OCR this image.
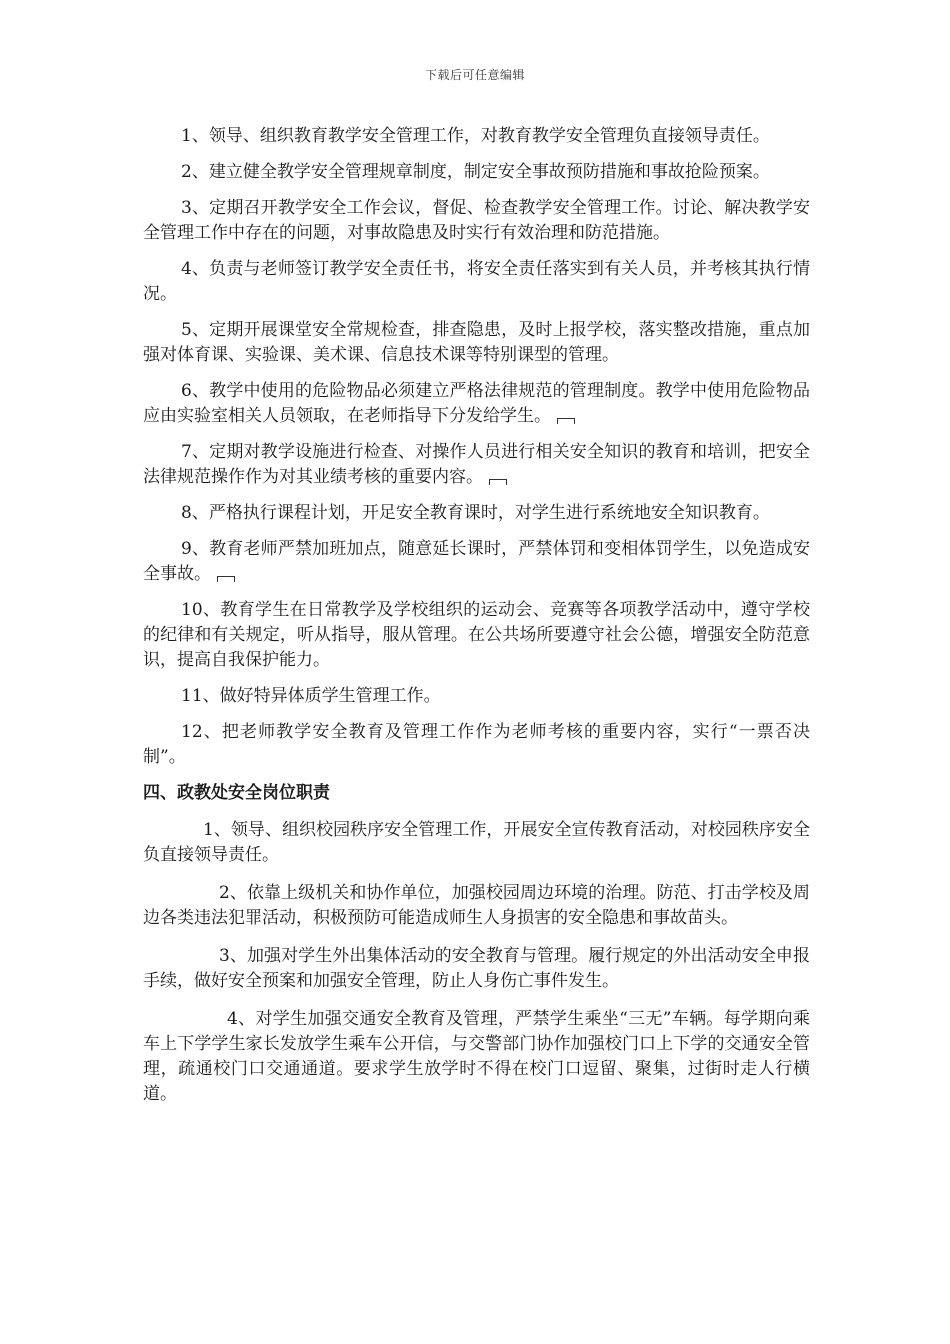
下载后可任意编辑

1、领导、组织教育教学安全管理工作，对教育教学安全管理负直接领导责任。

2、建立健全教学安全管理规章制度，制定安全事故预防措施和事故抢险预案。

3、定期召开教学安全工作会议，督促、检查教学安全管理工作。讨论、解决教学安全管理工作中存在的问题，对事故隐患及时实行有效治理和防范措施。

4、负责与老师签订教学安全责任书，将安全责任落实到有关人员，并考核其执行情况。

5、定期开展课堂安全常规检查，排查隐患，及时上报学校，落实整改措施，重点加强对体育课、实验课、美术课、信息技术课等特别课型的管理。

6、教学中使用的危险物品必须建立严格法律规范的管理制度。教学中使用危险物品应由实验室相关人员领取，在老师指导下分发给学生。

7、定期对教学设施进行检查、对操作人员进行相关安全知识的教育和培训，把安全法律规范操作作为对其业绩考核的重要内容。

8、严格执行课程计划，开足安全教育课时，对学生进行系统地安全知识教育。

9、教育老师严禁加班加点，随意延长课时，严禁体罚和变相体罚学生，以免造成安全事故。

10、教育学生在日常教学及学校组织的运动会、竞赛等各项教学活动中，遵守学校的纪律和有关规定，听从指导，服从管理。在公共场所要遵守社会公德，增强安全防范意识，提高自我保护能力。

11、做好特异体质学生管理工作。

12、把老师教学安全教育及管理工作作为老师考核的重要内容，实行“一票否决制”。

四、政教处安全岗位职责

1、领导、组织校园秩序安全管理工作，开展安全宣传教育活动，对校园秩序安全负直接领导责任。

2、依靠上级机关和协作单位，加强校园周边环境的治理。防范、打击学校及周边各类违法犯罪活动，积极预防可能造成师生人身损害的安全隐患和事故苗头。

3、加强对学生外出集体活动的安全教育与管理。履行规定的外出活动安全申报手续，做好安全预案和加强安全管理，防止人身伤亡事件发生。

4、对学生加强交通安全教育及管理，严禁学生乘坐“三无”车辆。每学期向乘车上下学学生家长发放学生乘车公开信，与交警部门协作加强校门口上下学的交通安全管理，疏通校门口交通通道。要求学生放学时不得在校门口逗留、聚集，过街时走人行横道。
